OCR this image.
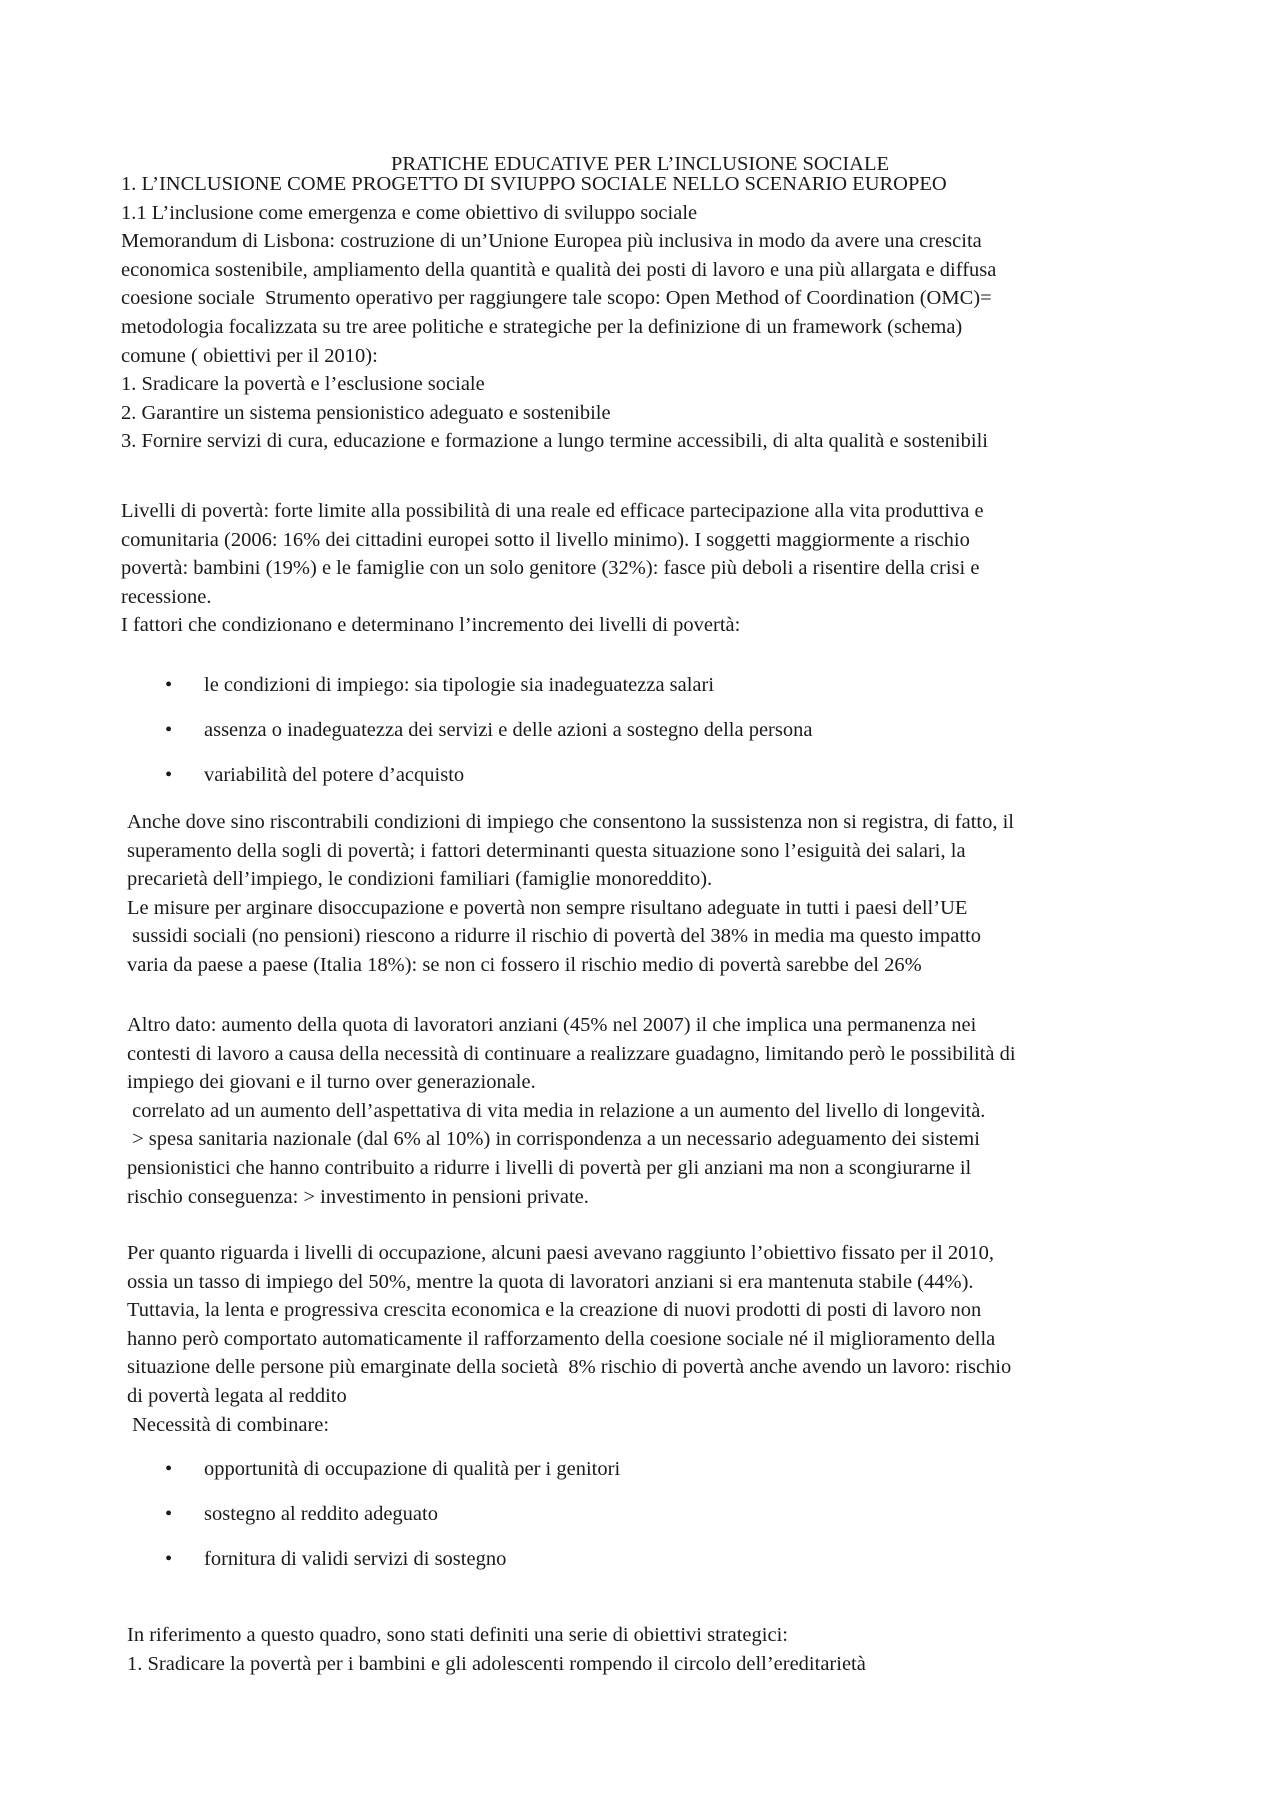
PRATICHE EDUCATIVE PER L’INCLUSIONE SOCIALE
1. L’INCLUSIONE COME PROGETTO DI SVIUPPO SOCIALE NELLO SCENARIO EUROPEO
1.1 L’inclusione come emergenza e come obiettivo di sviluppo sociale
Memorandum di Lisbona: costruzione di un’Unione Europea più inclusiva in modo da avere una crescita
economica sostenibile, ampliamento della quantità e qualità dei posti di lavoro e una più allargata e diffusa
coesione sociale  Strumento operativo per raggiungere tale scopo: Open Method of Coordination (OMC)=
metodologia focalizzata su tre aree politiche e strategiche per la definizione di un framework (schema)
comune ( obiettivi per il 2010):
1. Sradicare la povertà e l’esclusione sociale
2. Garantire un sistema pensionistico adeguato e sostenibile
3. Fornire servizi di cura, educazione e formazione a lungo termine accessibili, di alta qualità e sostenibili
Livelli di povertà: forte limite alla possibilità di una reale ed efficace partecipazione alla vita produttiva e
comunitaria (2006: 16% dei cittadini europei sotto il livello minimo). I soggetti maggiormente a rischio
povertà: bambini (19%) e le famiglie con un solo genitore (32%): fasce più deboli a risentire della crisi e
recessione.
I fattori che condizionano e determinano l’incremento dei livelli di povertà:
• le condizioni di impiego: sia tipologie sia inadeguatezza salari
• assenza o inadeguatezza dei servizi e delle azioni a sostegno della persona
• variabilità del potere d’acquisto
Anche dove sino riscontrabili condizioni di impiego che consentono la sussistenza non si registra, di fatto, il
superamento della sogli di povertà; i fattori determinanti questa situazione sono l’esiguità dei salari, la
precarietà dell’impiego, le condizioni familiari (famiglie monoreddito).
Le misure per arginare disoccupazione e povertà non sempre risultano adeguate in tutti i paesi dell’UE
sussidi sociali (no pensioni) riescono a ridurre il rischio di povertà del 38% in media ma questo impatto
varia da paese a paese (Italia 18%): se non ci fossero il rischio medio di povertà sarebbe del 26%
Altro dato: aumento della quota di lavoratori anziani (45% nel 2007) il che implica una permanenza nei
contesti di lavoro a causa della necessità di continuare a realizzare guadagno, limitando però le possibilità di
impiego dei giovani e il turno over generazionale.
correlato ad un aumento dell’aspettativa di vita media in relazione a un aumento del livello di longevità.
> spesa sanitaria nazionale (dal 6% al 10%) in corrispondenza a un necessario adeguamento dei sistemi
pensionistici che hanno contribuito a ridurre i livelli di povertà per gli anziani ma non a scongiurarne il
rischio conseguenza: > investimento in pensioni private.
Per quanto riguarda i livelli di occupazione, alcuni paesi avevano raggiunto l’obiettivo fissato per il 2010,
ossia un tasso di impiego del 50%, mentre la quota di lavoratori anziani si era mantenuta stabile (44%).
Tuttavia, la lenta e progressiva crescita economica e la creazione di nuovi prodotti di posti di lavoro non
hanno però comportato automaticamente il rafforzamento della coesione sociale né il miglioramento della
situazione delle persone più emarginate della società  8% rischio di povertà anche avendo un lavoro: rischio
di povertà legata al reddito
Necessità di combinare:
• opportunità di occupazione di qualità per i genitori
• sostegno al reddito adeguato
• fornitura di validi servizi di sostegno
In riferimento a questo quadro, sono stati definiti una serie di obiettivi strategici:
1. Sradicare la povertà per i bambini e gli adolescenti rompendo il circolo dell’ereditarietà
